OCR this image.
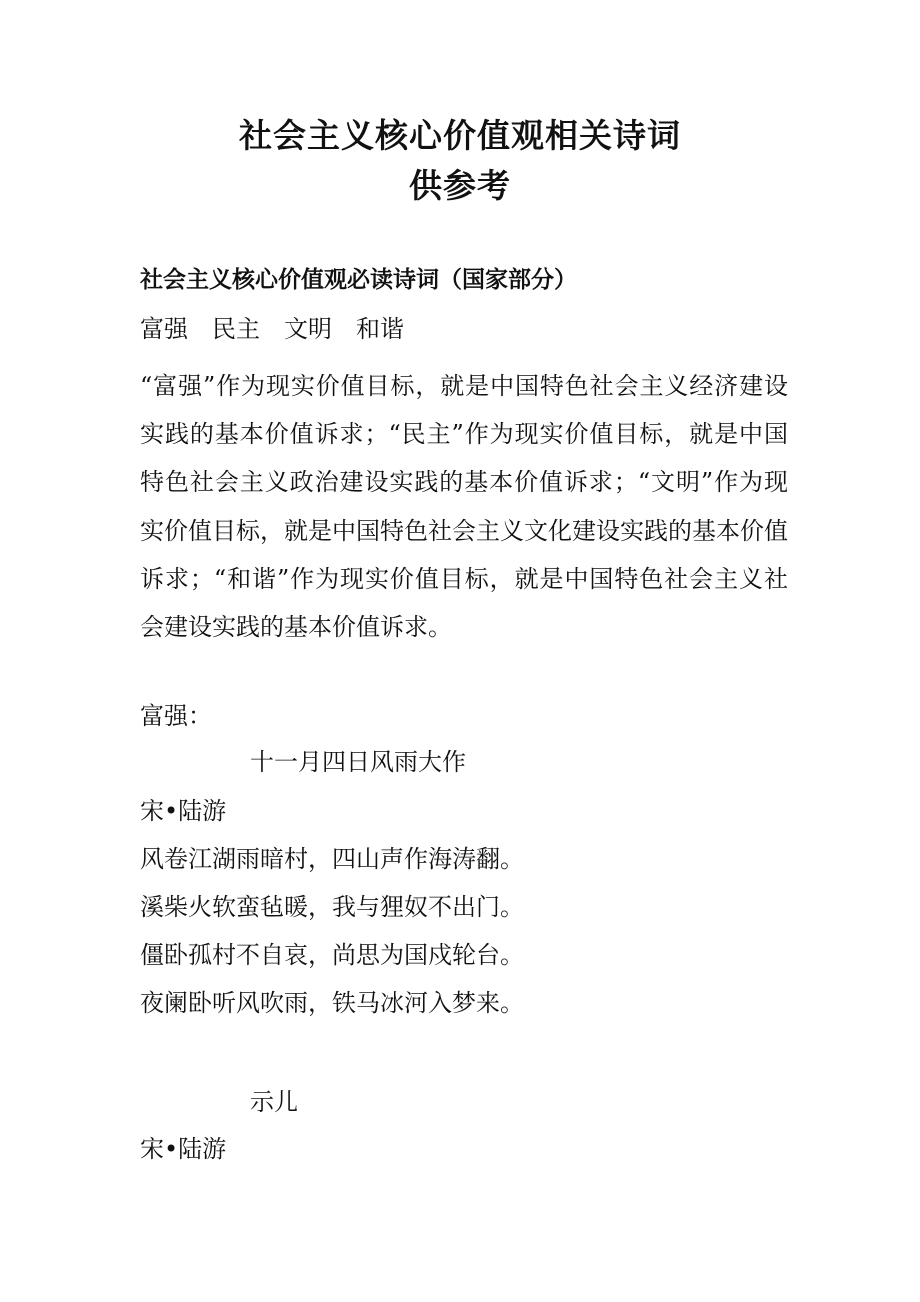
社会主义核心价值观相关诗词
供参考
社会主义核心价值观必读诗词（国家部分）
富强　民主　文明　和谐
“富强”作为现实价值目标，就是中国特色社会主义经济建设实践的基本价值诉求；“民主”作为现实价值目标，就是中国特色社会主义政治建设实践的基本价值诉求；“文明”作为现实价值目标，就是中国特色社会主义文化建设实践的基本价值诉求；“和谐”作为现实价值目标，就是中国特色社会主义社会建设实践的基本价值诉求。
富强：
十一月四日风雨大作
宋•陆游
风卷江湖雨暗村，四山声作海涛翻。
溪柴火软蛮毡暖，我与狸奴不出门。
僵卧孤村不自哀，尚思为国戍轮台。
夜阑卧听风吹雨，铁马冰河入梦来。
示儿
宋•陆游
